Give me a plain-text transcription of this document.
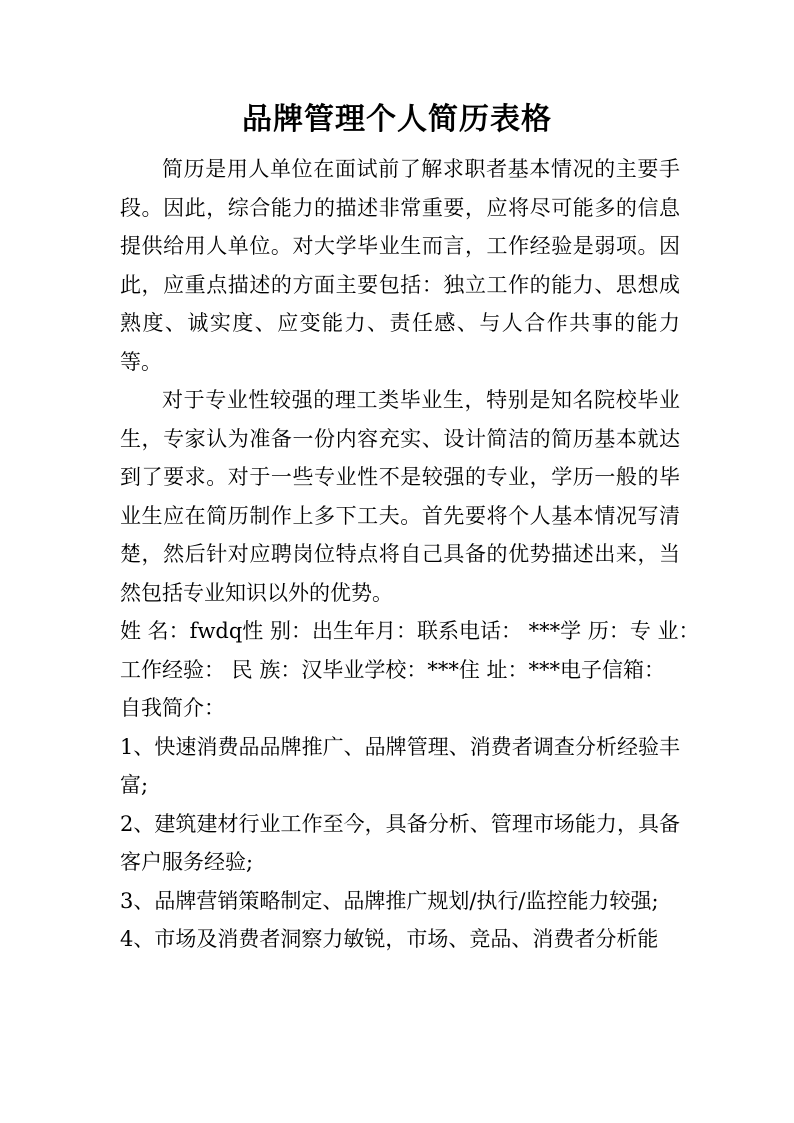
品牌管理个人简历表格

简历是用人单位在面试前了解求职者基本情况的主要手段。因此，综合能力的描述非常重要，应将尽可能多的信息提供给用人单位。对大学毕业生而言，工作经验是弱项。因此，应重点描述的方面主要包括：独立工作的能力、思想成熟度、诚实度、应变能力、责任感、与人合作共事的能力等。

对于专业性较强的理工类毕业生，特别是知名院校毕业生，专家认为准备一份内容充实、设计简洁的简历基本就达到了要求。对于一些专业性不是较强的专业，学历一般的毕业生应在简历制作上多下工夫。首先要将个人基本情况写清楚，然后针对应聘岗位特点将自己具备的优势描述出来，当然包括专业知识以外的优势。

姓 名：fwdq性 别：出生年月：联系电话： ***学 历：专 业：

工作经验： 民 族：汉毕业学校：***住 址：***电子信箱：

自我简介：

1、快速消费品品牌推广、品牌管理、消费者调查分析经验丰富;

2、建筑建材行业工作至今，具备分析、管理市场能力，具备客户服务经验;

3、品牌营销策略制定、品牌推广规划/执行/监控能力较强;

4、市场及消费者洞察力敏锐，市场、竞品、消费者分析能
